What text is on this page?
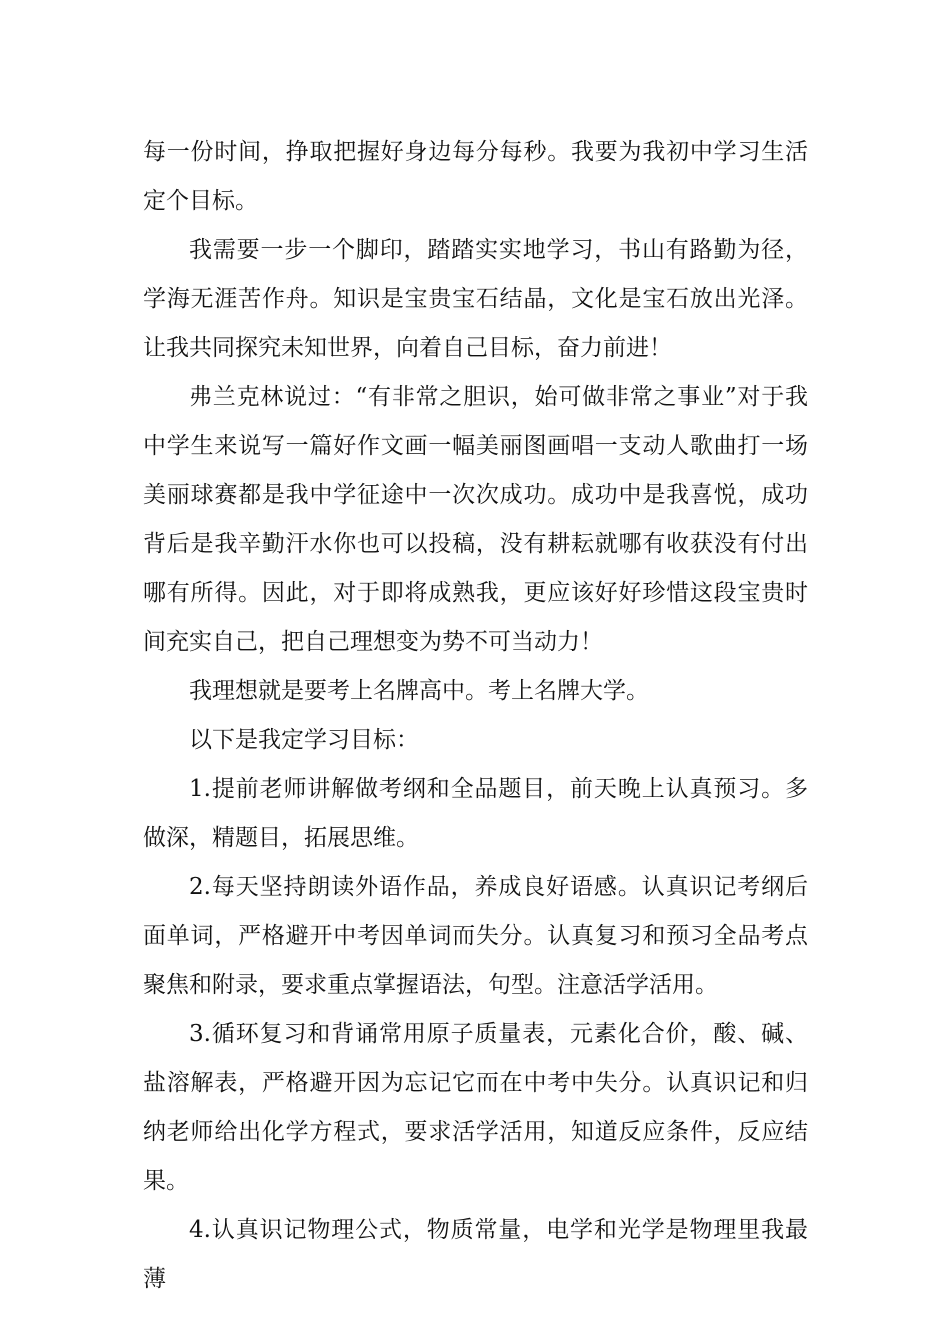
每一份时间，挣取把握好身边每分每秒。我要为我初中学习生活定个目标。

我需要一步一个脚印，踏踏实实地学习，书山有路勤为径，学海无涯苦作舟。知识是宝贵宝石结晶，文化是宝石放出光泽。让我共同探究未知世界，向着自己目标，奋力前进！

弗兰克林说过：“有非常之胆识，始可做非常之事业”对于我中学生来说写一篇好作文画一幅美丽图画唱一支动人歌曲打一场美丽球赛都是我中学征途中一次次成功。成功中是我喜悦，成功背后是我辛勤汗水你也可以投稿，没有耕耘就哪有收获没有付出哪有所得。因此，对于即将成熟我，更应该好好珍惜这段宝贵时间充实自己，把自己理想变为势不可当动力！

我理想就是要考上名牌高中。考上名牌大学。

以下是我定学习目标：

1.提前老师讲解做考纲和全品题目，前天晚上认真预习。多做深，精题目，拓展思维。

2.每天坚持朗读外语作品，养成良好语感。认真识记考纲后面单词，严格避开中考因单词而失分。认真复习和预习全品考点聚焦和附录，要求重点掌握语法，句型。注意活学活用。

3.循环复习和背诵常用原子质量表，元素化合价，酸、碱、盐溶解表，严格避开因为忘记它而在中考中失分。认真识记和归纳老师给出化学方程式，要求活学活用，知道反应条件，反应结果。

4.认真识记物理公式，物质常量，电学和光学是物理里我最薄
